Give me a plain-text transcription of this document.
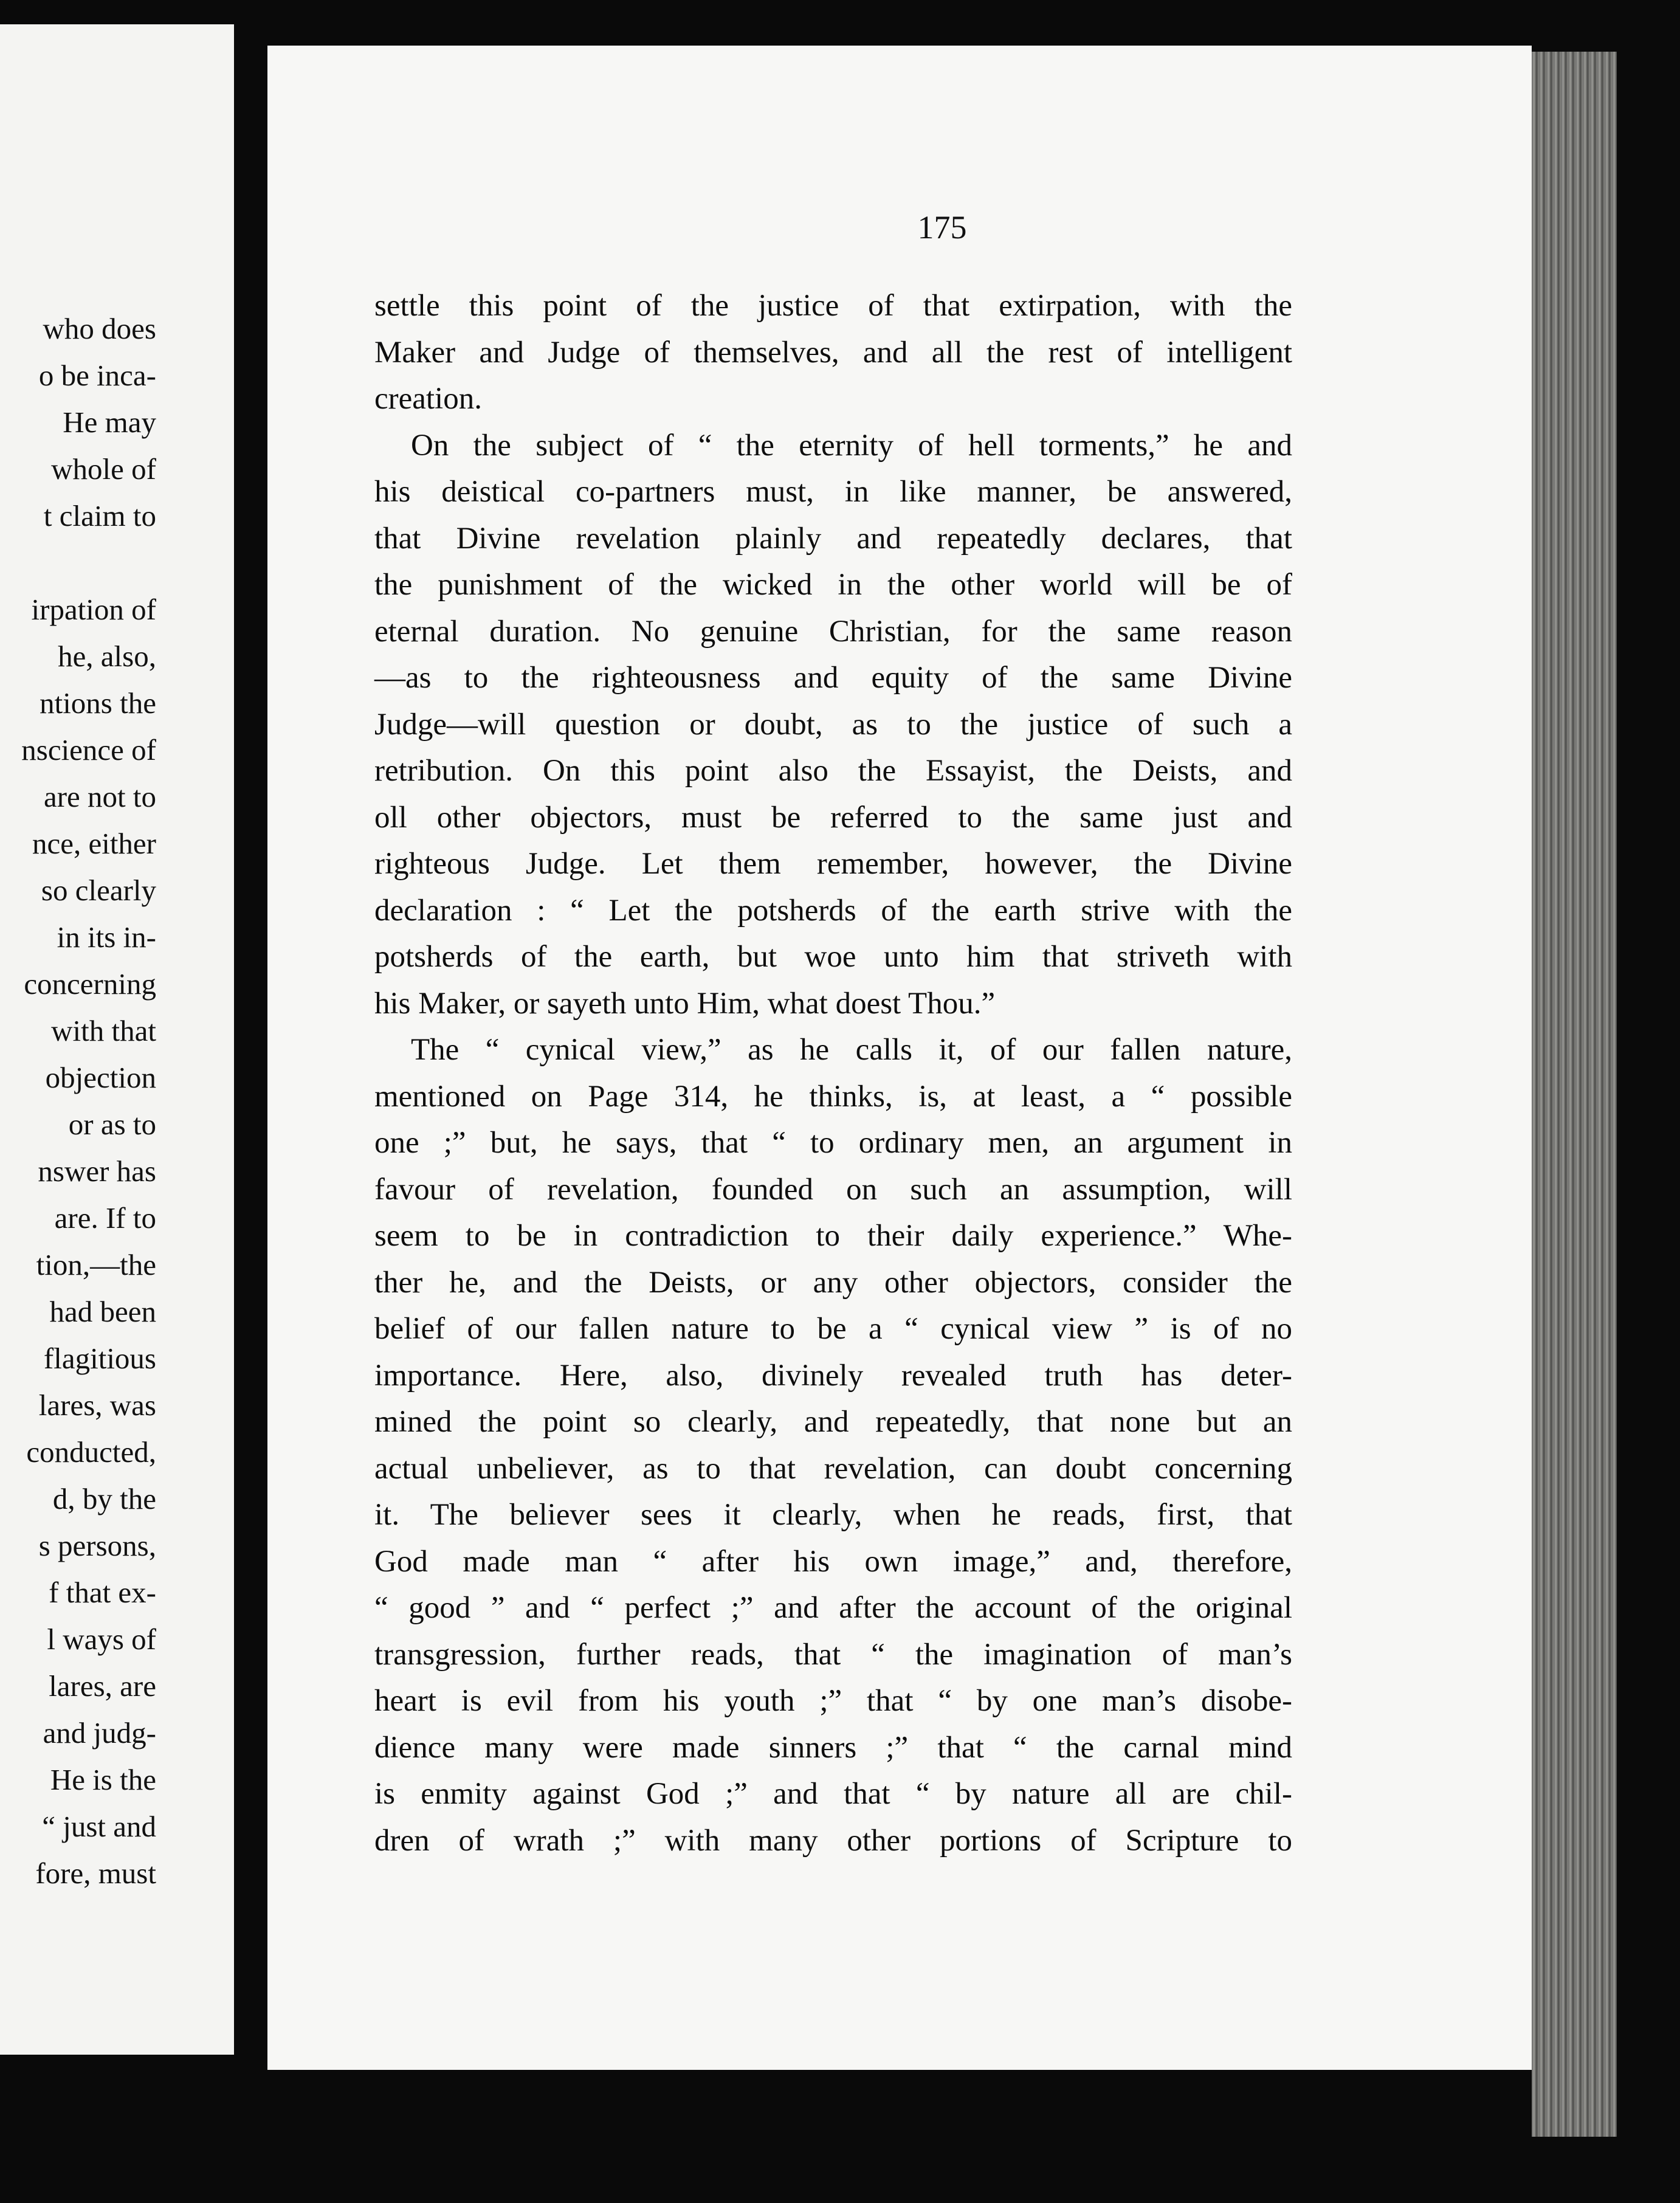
who does
o be inca-
He may
whole of
t claim to
irpation of
he, also,
ntions the
nscience of
are not to
nce, either
so clearly
in its in-
concerning
with that
objection
or as to
nswer has
are. If to
tion,—the
had been
flagitious
lares, was
conducted,
d, by the
s persons,
f that ex-
l ways of
lares, are
and judg-
He is the
“ just and
fore, must
175

settle this point of the justice of that extirpation, with the
Maker and Judge of themselves, and all the rest of intelligent
creation.

On the subject of “ the eternity of hell torments,” he and
his deistical co-partners must, in like manner, be answered,
that Divine revelation plainly and repeatedly declares, that
the punishment of the wicked in the other world will be of
eternal duration. No genuine Christian, for the same reason
—as to the righteousness and equity of the same Divine
Judge—will question or doubt, as to the justice of such a
retribution. On this point also the Essayist, the Deists, and
oll other objectors, must be referred to the same just and
righteous Judge. Let them remember, however, the Divine
declaration : “ Let the potsherds of the earth strive with the
potsherds of the earth, but woe unto him that striveth with
his Maker, or sayeth unto Him, what doest Thou.”

The “ cynical view,” as he calls it, of our fallen nature,
mentioned on Page 314, he thinks, is, at least, a “ possible
one ;” but, he says, that “ to ordinary men, an argument in
favour of revelation, founded on such an assumption, will
seem to be in contradiction to their daily experience.” Whe-
ther he, and the Deists, or any other objectors, consider the
belief of our fallen nature to be a “ cynical view ” is of no
importance. Here, also, divinely revealed truth has deter-
mined the point so clearly, and repeatedly, that none but an
actual unbeliever, as to that revelation, can doubt concerning
it. The believer sees it clearly, when he reads, first, that
God made man “ after his own image,” and, therefore,
“ good ” and “ perfect ;” and after the account of the original
transgression, further reads, that “ the imagination of man’s
heart is evil from his youth ;” that “ by one man’s disobe-
dience many were made sinners ;” that “ the carnal mind
is enmity against God ;” and that “ by nature all are chil-
dren of wrath ;” with many other portions of Scripture to
